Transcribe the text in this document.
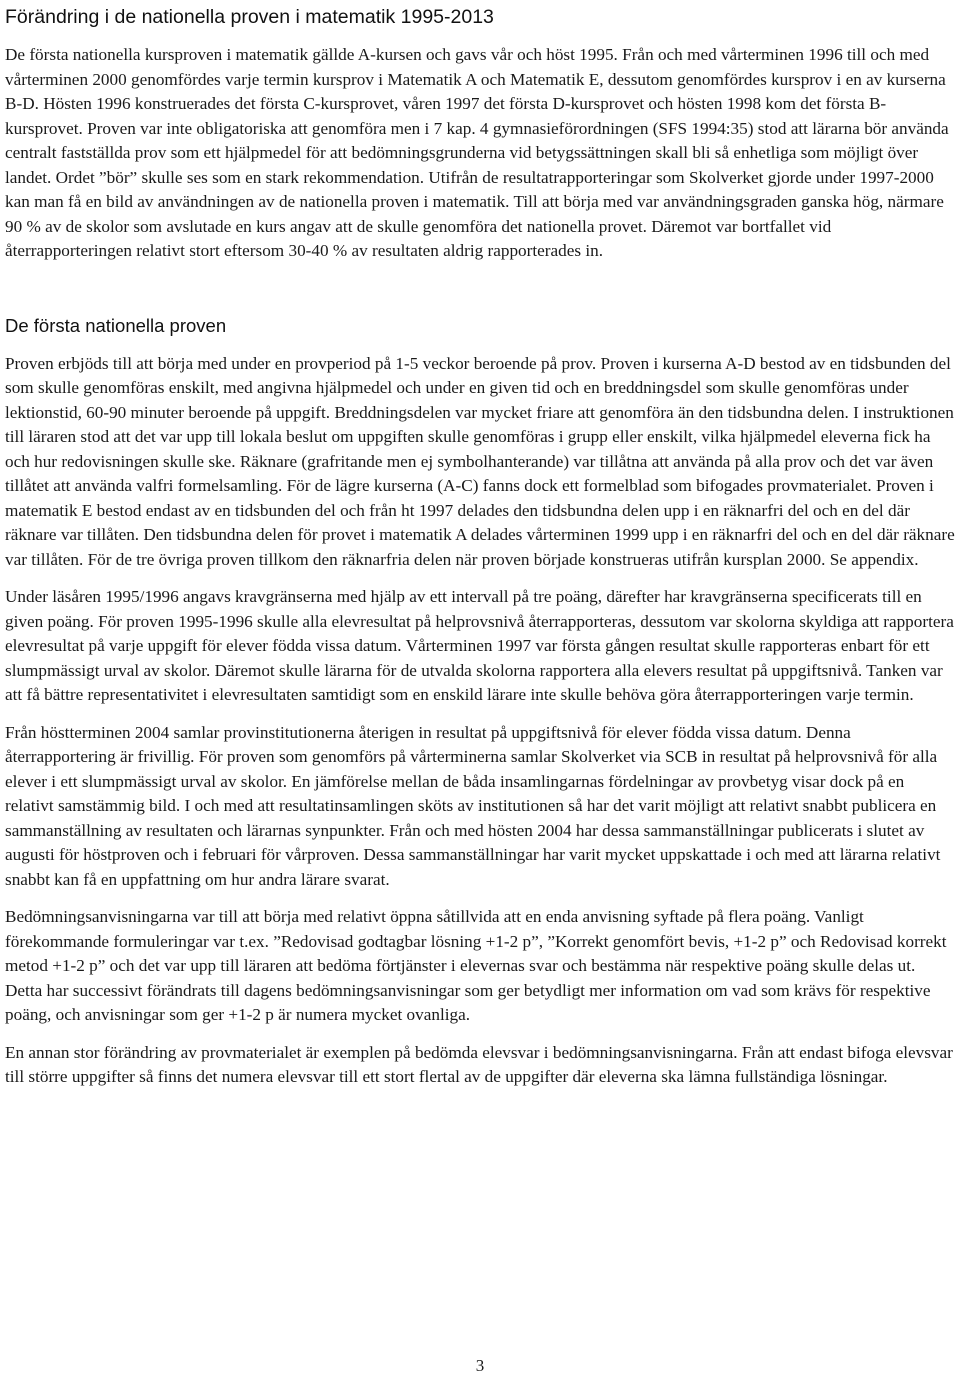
Förändring i de nationella proven i matematik 1995-2013

De första nationella kursproven i matematik gällde A-kursen och gavs vår och höst 1995. Från och med vårterminen 1996 till och med vårterminen 2000 genomfördes varje termin kursprov i Matematik A och Matematik E, dessutom genomfördes kursprov i en av kurserna B-D. Hösten 1996 konstruerades det första C-kursprovet, våren 1997 det första D-kursprovet och hösten 1998 kom det första B-kursprovet. Proven var inte obligatoriska att genomföra men i 7 kap. 4 gymnasieförordningen (SFS 1994:35) stod att lärarna bör använda centralt fastställda prov som ett hjälpmedel för att bedömningsgrunderna vid betygssättningen skall bli så enhetliga som möjligt över landet. Ordet ”bör” skulle ses som en stark rekommendation. Utifrån de resultatrapporteringar som Skolverket gjorde under 1997-2000 kan man få en bild av användningen av de nationella proven i matematik. Till att börja med var användningsgraden ganska hög, närmare 90 % av de skolor som avslutade en kurs angav att de skulle genomföra det nationella provet. Däremot var bortfallet vid återrapporteringen relativt stort eftersom 30-40 % av resultaten aldrig rapporterades in.

De första nationella proven

Proven erbjöds till att börja med under en provperiod på 1-5 veckor beroende på prov. Proven i kurserna A-D bestod av en tidsbunden del som skulle genomföras enskilt, med angivna hjälpmedel och under en given tid och en breddningsdel som skulle genomföras under lektionstid, 60-90 minuter beroende på uppgift. Breddningsdelen var mycket friare att genomföra än den tidsbundna delen. I instruktionen till läraren stod att det var upp till lokala beslut om uppgiften skulle genomföras i grupp eller enskilt, vilka hjälpmedel eleverna fick ha och hur redovisningen skulle ske. Räknare (grafritande men ej symbolhanterande) var tillåtna att använda på alla prov och det var även tillåtet att använda valfri formelsamling. För de lägre kurserna (A-C) fanns dock ett formelblad som bifogades provmaterialet. Proven i matematik E bestod endast av en tidsbunden del och från ht 1997 delades den tidsbundna delen upp i en räknarfri del och en del där räknare var tillåten. Den tidsbundna delen för provet i matematik A delades vårterminen 1999 upp i en räknarfri del och en del där räknare var tillåten. För de tre övriga proven tillkom den räknarfria delen när proven började konstrueras utifrån kursplan 2000. Se appendix.

Under läsåren 1995/1996 angavs kravgränserna med hjälp av ett intervall på tre poäng, därefter har kravgränserna specificerats till en given poäng. För proven 1995-1996 skulle alla elevresultat på helprovsnivå återrapporteras, dessutom var skolorna skyldiga att rapportera elevresultat på varje uppgift för elever födda vissa datum. Vårterminen 1997 var första gången resultat skulle rapporteras enbart för ett slumpmässigt urval av skolor. Däremot skulle lärarna för de utvalda skolorna rapportera alla elevers resultat på uppgiftsnivå. Tanken var att få bättre representativitet i elevresultaten samtidigt som en enskild lärare inte skulle behöva göra återrapporteringen varje termin.

Från höstterminen 2004 samlar provinstitutionerna återigen in resultat på uppgiftsnivå för elever födda vissa datum. Denna återrapportering är frivillig. För proven som genomförs på vårterminerna samlar Skolverket via SCB in resultat på helprovsnivå för alla elever i ett slumpmässigt urval av skolor. En jämförelse mellan de båda insamlingarnas fördelningar av provbetyg visar dock på en relativt samstämmig bild. I och med att resultatinsamlingen sköts av institutionen så har det varit möjligt att relativt snabbt publicera en sammanställning av resultaten och lärarnas synpunkter. Från och med hösten 2004 har dessa sammanställningar publicerats i slutet av augusti för höstproven och i februari för vårproven. Dessa sammanställningar har varit mycket uppskattade i och med att lärarna relativt snabbt kan få en uppfattning om hur andra lärare svarat.

Bedömningsanvisningarna var till att börja med relativt öppna såtillvida att en enda anvisning syftade på flera poäng. Vanligt förekommande formuleringar var t.ex. ”Redovisad godtagbar lösning +1-2 p”, ”Korrekt genomfört bevis, +1-2 p” och Redovisad korrekt metod +1-2 p” och det var upp till läraren att bedöma förtjänster i elevernas svar och bestämma när respektive poäng skulle delas ut. Detta har successivt förändrats till dagens bedömningsanvisningar som ger betydligt mer information om vad som krävs för respektive poäng, och anvisningar som ger +1-2 p är numera mycket ovanliga.

En annan stor förändring av provmaterialet är exemplen på bedömda elevsvar i bedömningsanvisningarna. Från att endast bifoga elevsvar till större uppgifter så finns det numera elevsvar till ett stort flertal av de uppgifter där eleverna ska lämna fullständiga lösningar.

3
